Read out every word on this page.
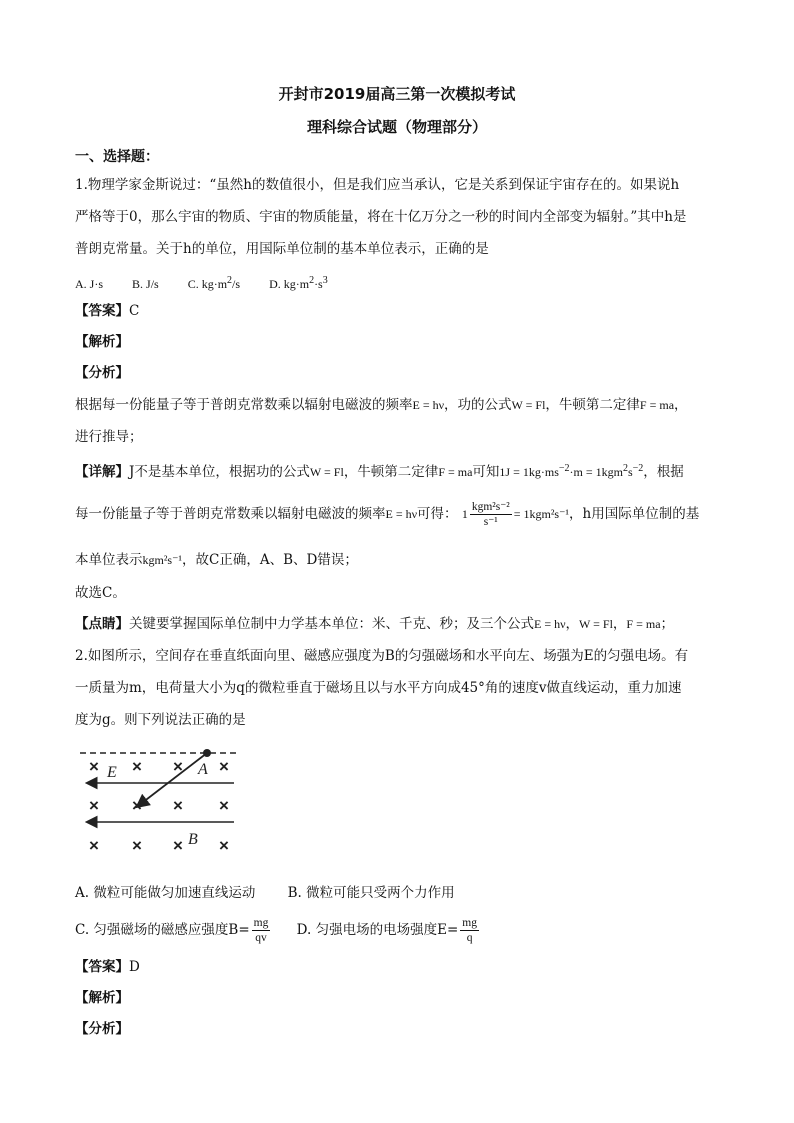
开封市2019届高三第一次模拟考试
理科综合试题（物理部分）
一、选择题：
1.物理学家金斯说过：“虽然h的数值很小，但是我们应当承认，它是关系到保证宇宙存在的。如果说h
严格等于0，那么宇宙的物质、宇宙的物质能量，将在十亿万分之一秒的时间内全部变为辐射。”其中h是
普朗克常量。关于h的单位，用国际单位制的基本单位表示，正确的是
A. J·s B. J/s C. $kg\cdot m^2/s$ D. $kg\cdot m^2\cdot s^3$
【答案】C
【解析】
【分析】
根据每一份能量子等于普朗克常数乘以辐射电磁波的频率E = hν，功的公式W = Fl，牛顿第二定律F = ma，
进行推导；
【详解】J不是基本单位，根据功的公式W = Fl，牛顿第二定律F = ma可知$1J = 1kg\cdot ms^{-2}\cdot m = 1kgm^2s^{-2}$，根据
每一份能量子等于普朗克常数乘以辐射电磁波的频率E = hν可得： $1 \frac{\text{kgm²s⁻²}}{\text{s⁻¹}} = 1kgm^2s^{-1}$，h用国际单位制的基
本单位表示kgm²s⁻¹，故C正确，A、B、D错误；
故选C。
【点睛】关键要掌握国际单位制中力学基本单位：米、千克、秒；及三个公式E = hν，W = Fl，F = ma；
2.如图所示，空间存在垂直纸面向里、磁感应强度为B的匀强磁场和水平向左、场强为E的匀强电场。有
一质量为m，电荷量大小为q的微粒垂直于磁场且以与水平方向成45°角的速度v做直线运动，重力加速
度为g。则下列说法正确的是
× × × ×
× × × ×
× × × ×
E	A
B
A. 微粒可能做匀加速直线运动 B. 微粒可能只受两个力作用
C. 匀强磁场的磁感应强度$B= \frac{mg}{qv} D$. 匀强电场的电场强度$E= \frac{mg}{q}$
【答案】D
【解析】
【分析】
